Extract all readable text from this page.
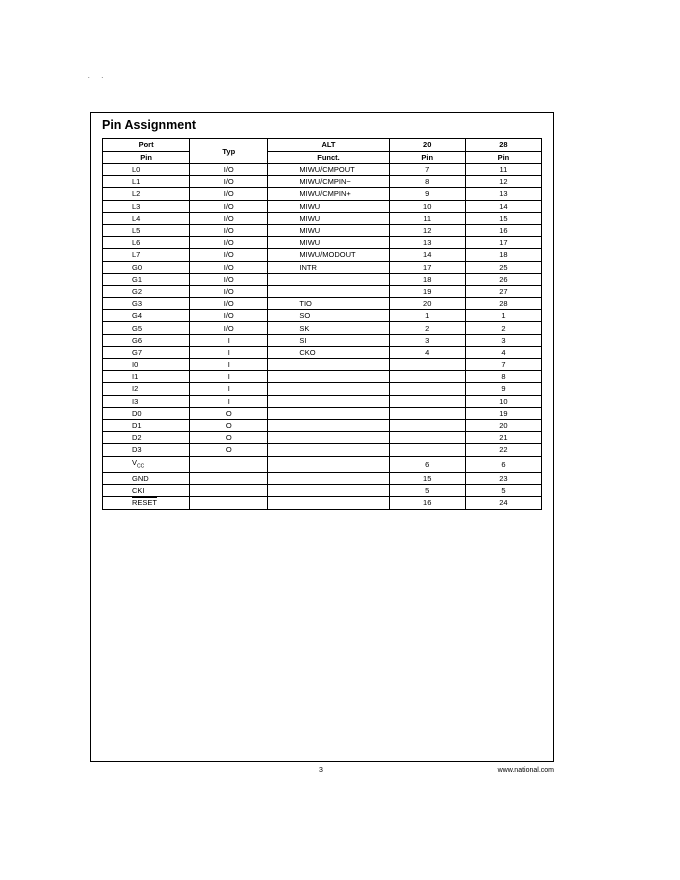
. .
Pin Assignment
Port	Typ	ALT	20	28
Pin		Funct.	Pin	Pin
L0	I/O	MIWU/CMPOUT	7	11
L1	I/O	MIWU/CMPIN−	8	12
L2	I/O	MIWU/CMPIN+	9	13
L3	I/O	MIWU	10	14
L4	I/O	MIWU	11	15
L5	I/O	MIWU	12	16
L6	I/O	MIWU	13	17
L7	I/O	MIWU/MODOUT	14	18
G0	I/O	INTR	17	25
G1	I/O		18	26
G2	I/O		19	27
G3	I/O	TIO	20	28
G4	I/O	SO	1	1
G5	I/O	SK	2	2
G6	I	SI	3	3
G7	I	CKO	4	4
I0	I			7
I1	I			8
I2	I			9
I3	I			10
D0	O			19
D1	O			20
D2	O			21
D3	O			22
$V_{CC}$			6	6
GND			15	23
CKI			5	5
RESET			16	24
3	www.national.com
